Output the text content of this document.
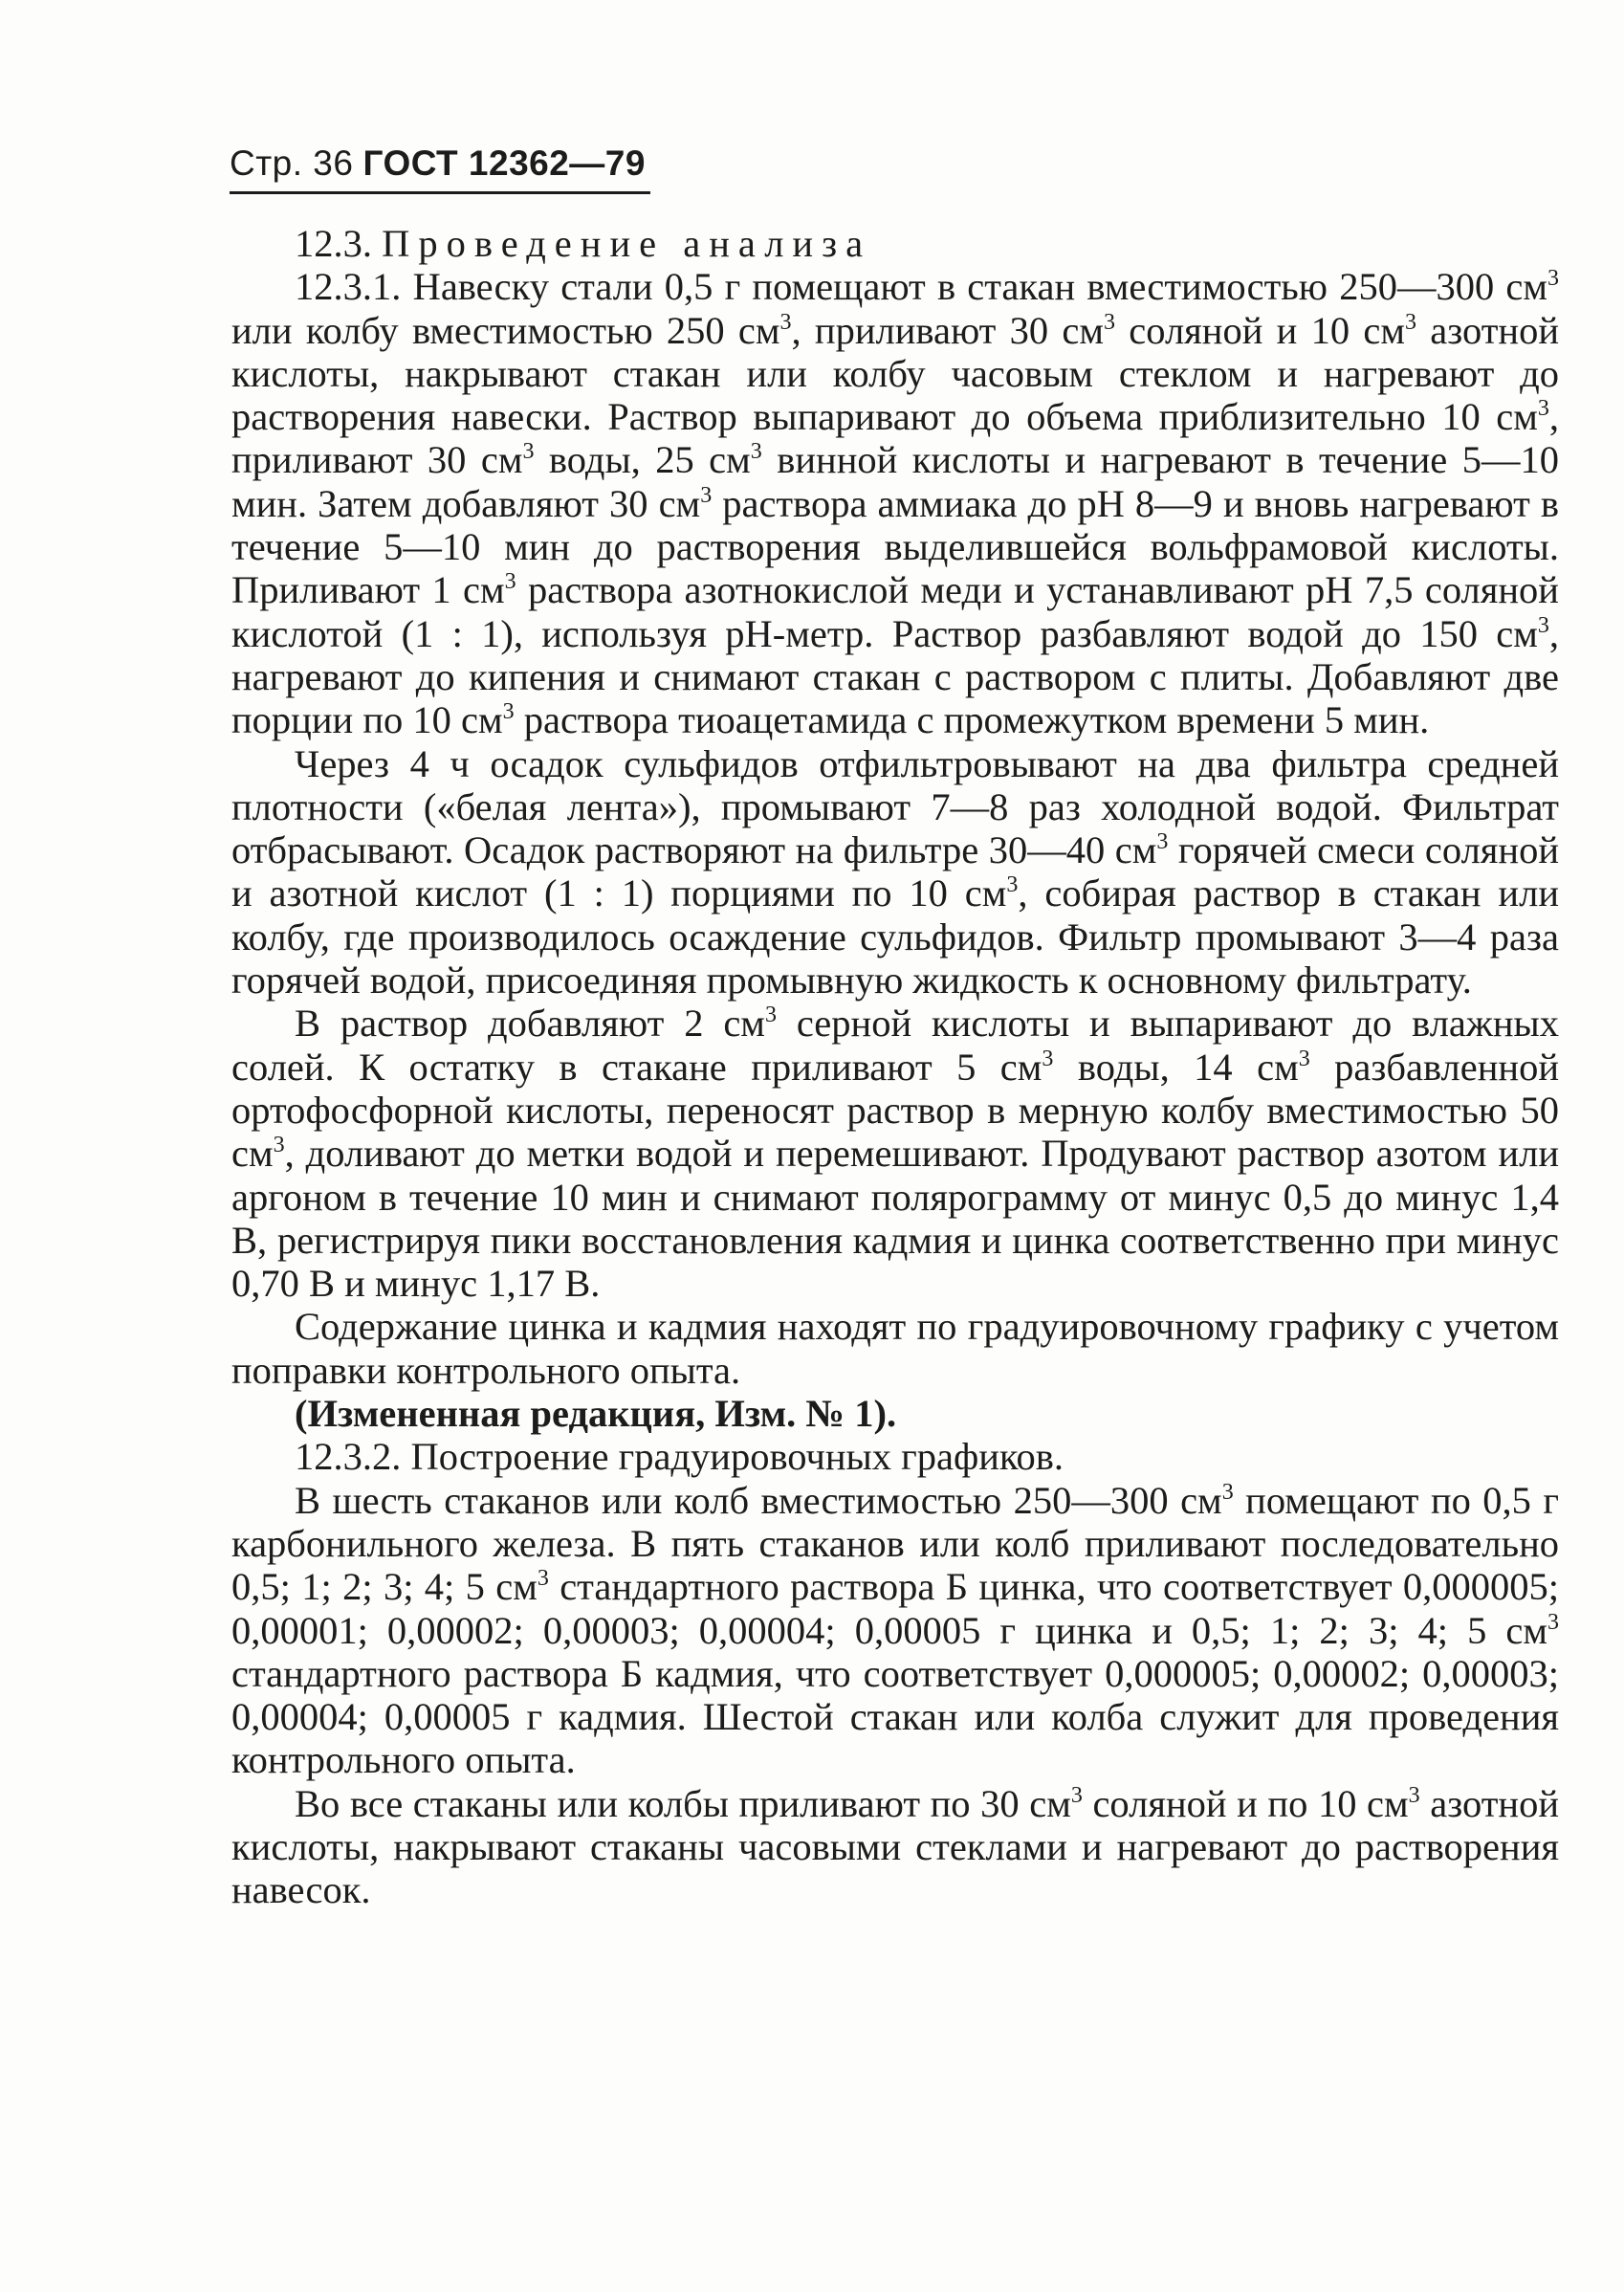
Стр. 36 ГОСТ 12362—79

12.3. Проведение анализа

12.3.1. Навеску стали 0,5 г помещают в стакан вместимостью 250—300 $см^3$ или колбу вместимостью 250 $см^3$, приливают 30 $см^3$ соляной и 10 $см^3$ азотной кислоты, накрывают стакан или колбу часовым стеклом и нагревают до растворения навески. Раствор выпаривают до объема приблизительно 10 $см^3$, приливают 30 $см^3$ воды, 25 $см^3$ винной кислоты и нагревают в течение 5—10 мин. Затем добавляют 30 $см^3$ раствора аммиака до рН 8—9 и вновь нагревают в течение 5—10 мин до растворения выделившейся вольфрамовой кислоты. Приливают 1 $см^3$ раствора азотнокислой меди и устанавливают рН 7,5 соляной кислотой (1 : 1), используя рН-метр. Раствор разбавляют водой до 150 $см^3$, нагревают до кипения и снимают стакан с раствором с плиты. Добавляют две порции по 10 $см^3$ раствора тиоацетамида с промежутком времени 5 мин.

Через 4 ч осадок сульфидов отфильтровывают на два фильтра средней плотности («белая лента»), промывают 7—8 раз холодной водой. Фильтрат отбрасывают. Осадок растворяют на фильтре 30—40 $см^3$ горячей смеси соляной и азотной кислот (1 : 1) порциями по 10 $см^3$, собирая раствор в стакан или колбу, где производилось осаждение сульфидов. Фильтр промывают 3—4 раза горячей водой, присоединяя промывную жидкость к основному фильтрату.

В раствор добавляют 2 $см^3$ серной кислоты и выпаривают до влажных солей. К остатку в стакане приливают 5 $см^3$ воды, 14 $см^3$ разбавленной ортофосфорной кислоты, переносят раствор в мерную колбу вместимостью 50 $см^3$, доливают до метки водой и перемешивают. Продувают раствор азотом или аргоном в течение 10 мин и снимают полярограмму от минус 0,5 до минус 1,4 В, регистрируя пики восстановления кадмия и цинка соответственно при минус 0,70 В и минус 1,17 В.

Содержание цинка и кадмия находят по градуировочному графику с учетом поправки контрольного опыта.

(Измененная редакция, Изм. № 1).

12.3.2. Построение градуировочных графиков.

В шесть стаканов или колб вместимостью 250—300 $см^3$ помещают по 0,5 г карбонильного железа. В пять стаканов или колб приливают последовательно 0,5; 1; 2; 3; 4; 5 $см^3$ стандартного раствора Б цинка, что соответствует 0,000005; 0,00001; 0,00002; 0,00003; 0,00004; 0,00005 г цинка и 0,5; 1; 2; 3; 4; 5 $см^3$ стандартного раствора Б кадмия, что соответствует 0,000005; 0,00002; 0,00003; 0,00004; 0,00005 г кадмия. Шестой стакан или колба служит для проведения контрольного опыта.

Во все стаканы или колбы приливают по 30 $см^3$ соляной и по 10 $см^3$ азотной кислоты, накрывают стаканы часовыми стеклами и нагревают до растворения навесок.
